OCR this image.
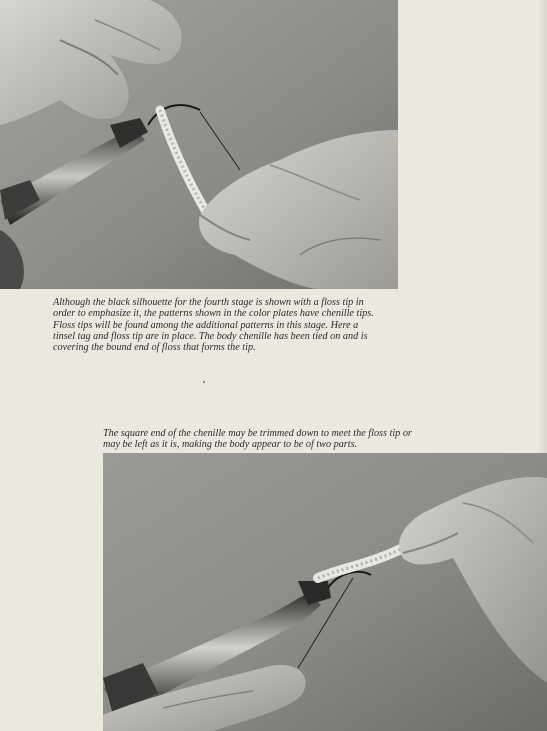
Although the black silhouette for the fourth stage is shown with a floss tip in
order to emphasize it, the patterns shown in the color plates have chenille tips.
Floss tips will be found among the additional patterns in this stage. Here a
tinsel tag and floss tip are in place. The body chenille has been tied on and is
covering the bound end of floss that forms the tip.

The square end of the chenille may be trimmed down to meet the floss tip or
may be left as it is, making the body appear to be of two parts.
